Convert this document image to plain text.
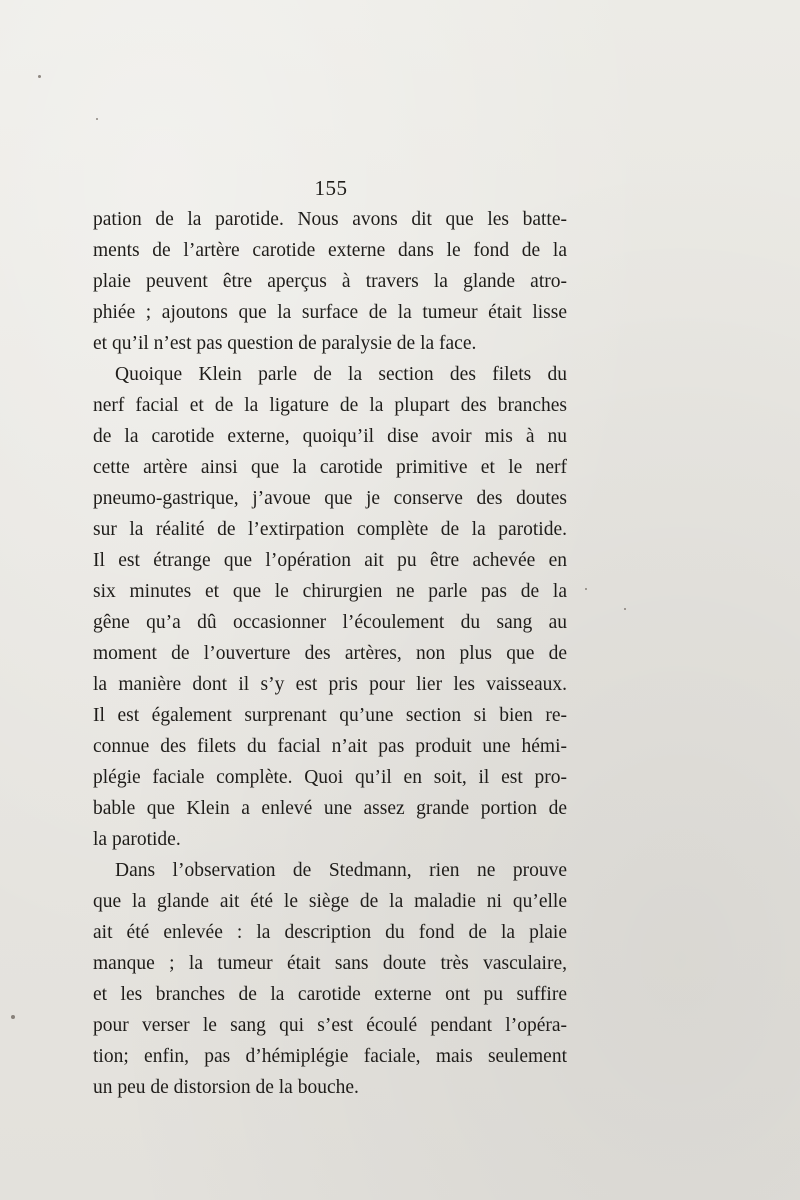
155
pation de la parotide. Nous avons dit que les batte-
ments de l’artère carotide externe dans le fond de la
plaie peuvent être aperçus à travers la glande atro-
phiée ; ajoutons que la surface de la tumeur était lisse
et qu’il n’est pas question de paralysie de la face.
Quoique Klein parle de la section des filets du
nerf facial et de la ligature de la plupart des branches
de la carotide externe, quoiqu’il dise avoir mis à nu
cette artère ainsi que la carotide primitive et le nerf
pneumo-gastrique, j’avoue que je conserve des doutes
sur la réalité de l’extirpation complète de la parotide.
Il est étrange que l’opération ait pu être achevée en
six minutes et que le chirurgien ne parle pas de la
gêne qu’a dû occasionner l’écoulement du sang au
moment de l’ouverture des artères, non plus que de
la manière dont il s’y est pris pour lier les vaisseaux.
Il est également surprenant qu’une section si bien re-
connue des filets du facial n’ait pas produit une hémi-
plégie faciale complète. Quoi qu’il en soit, il est pro-
bable que Klein a enlevé une assez grande portion de
la parotide.
Dans l’observation de Stedmann, rien ne prouve
que la glande ait été le siège de la maladie ni qu’elle
ait été enlevée : la description du fond de la plaie
manque ; la tumeur était sans doute très vasculaire,
et les branches de la carotide externe ont pu suffire
pour verser le sang qui s’est écoulé pendant l’opéra-
tion; enfin, pas d’hémiplégie faciale, mais seulement
un peu de distorsion de la bouche.
